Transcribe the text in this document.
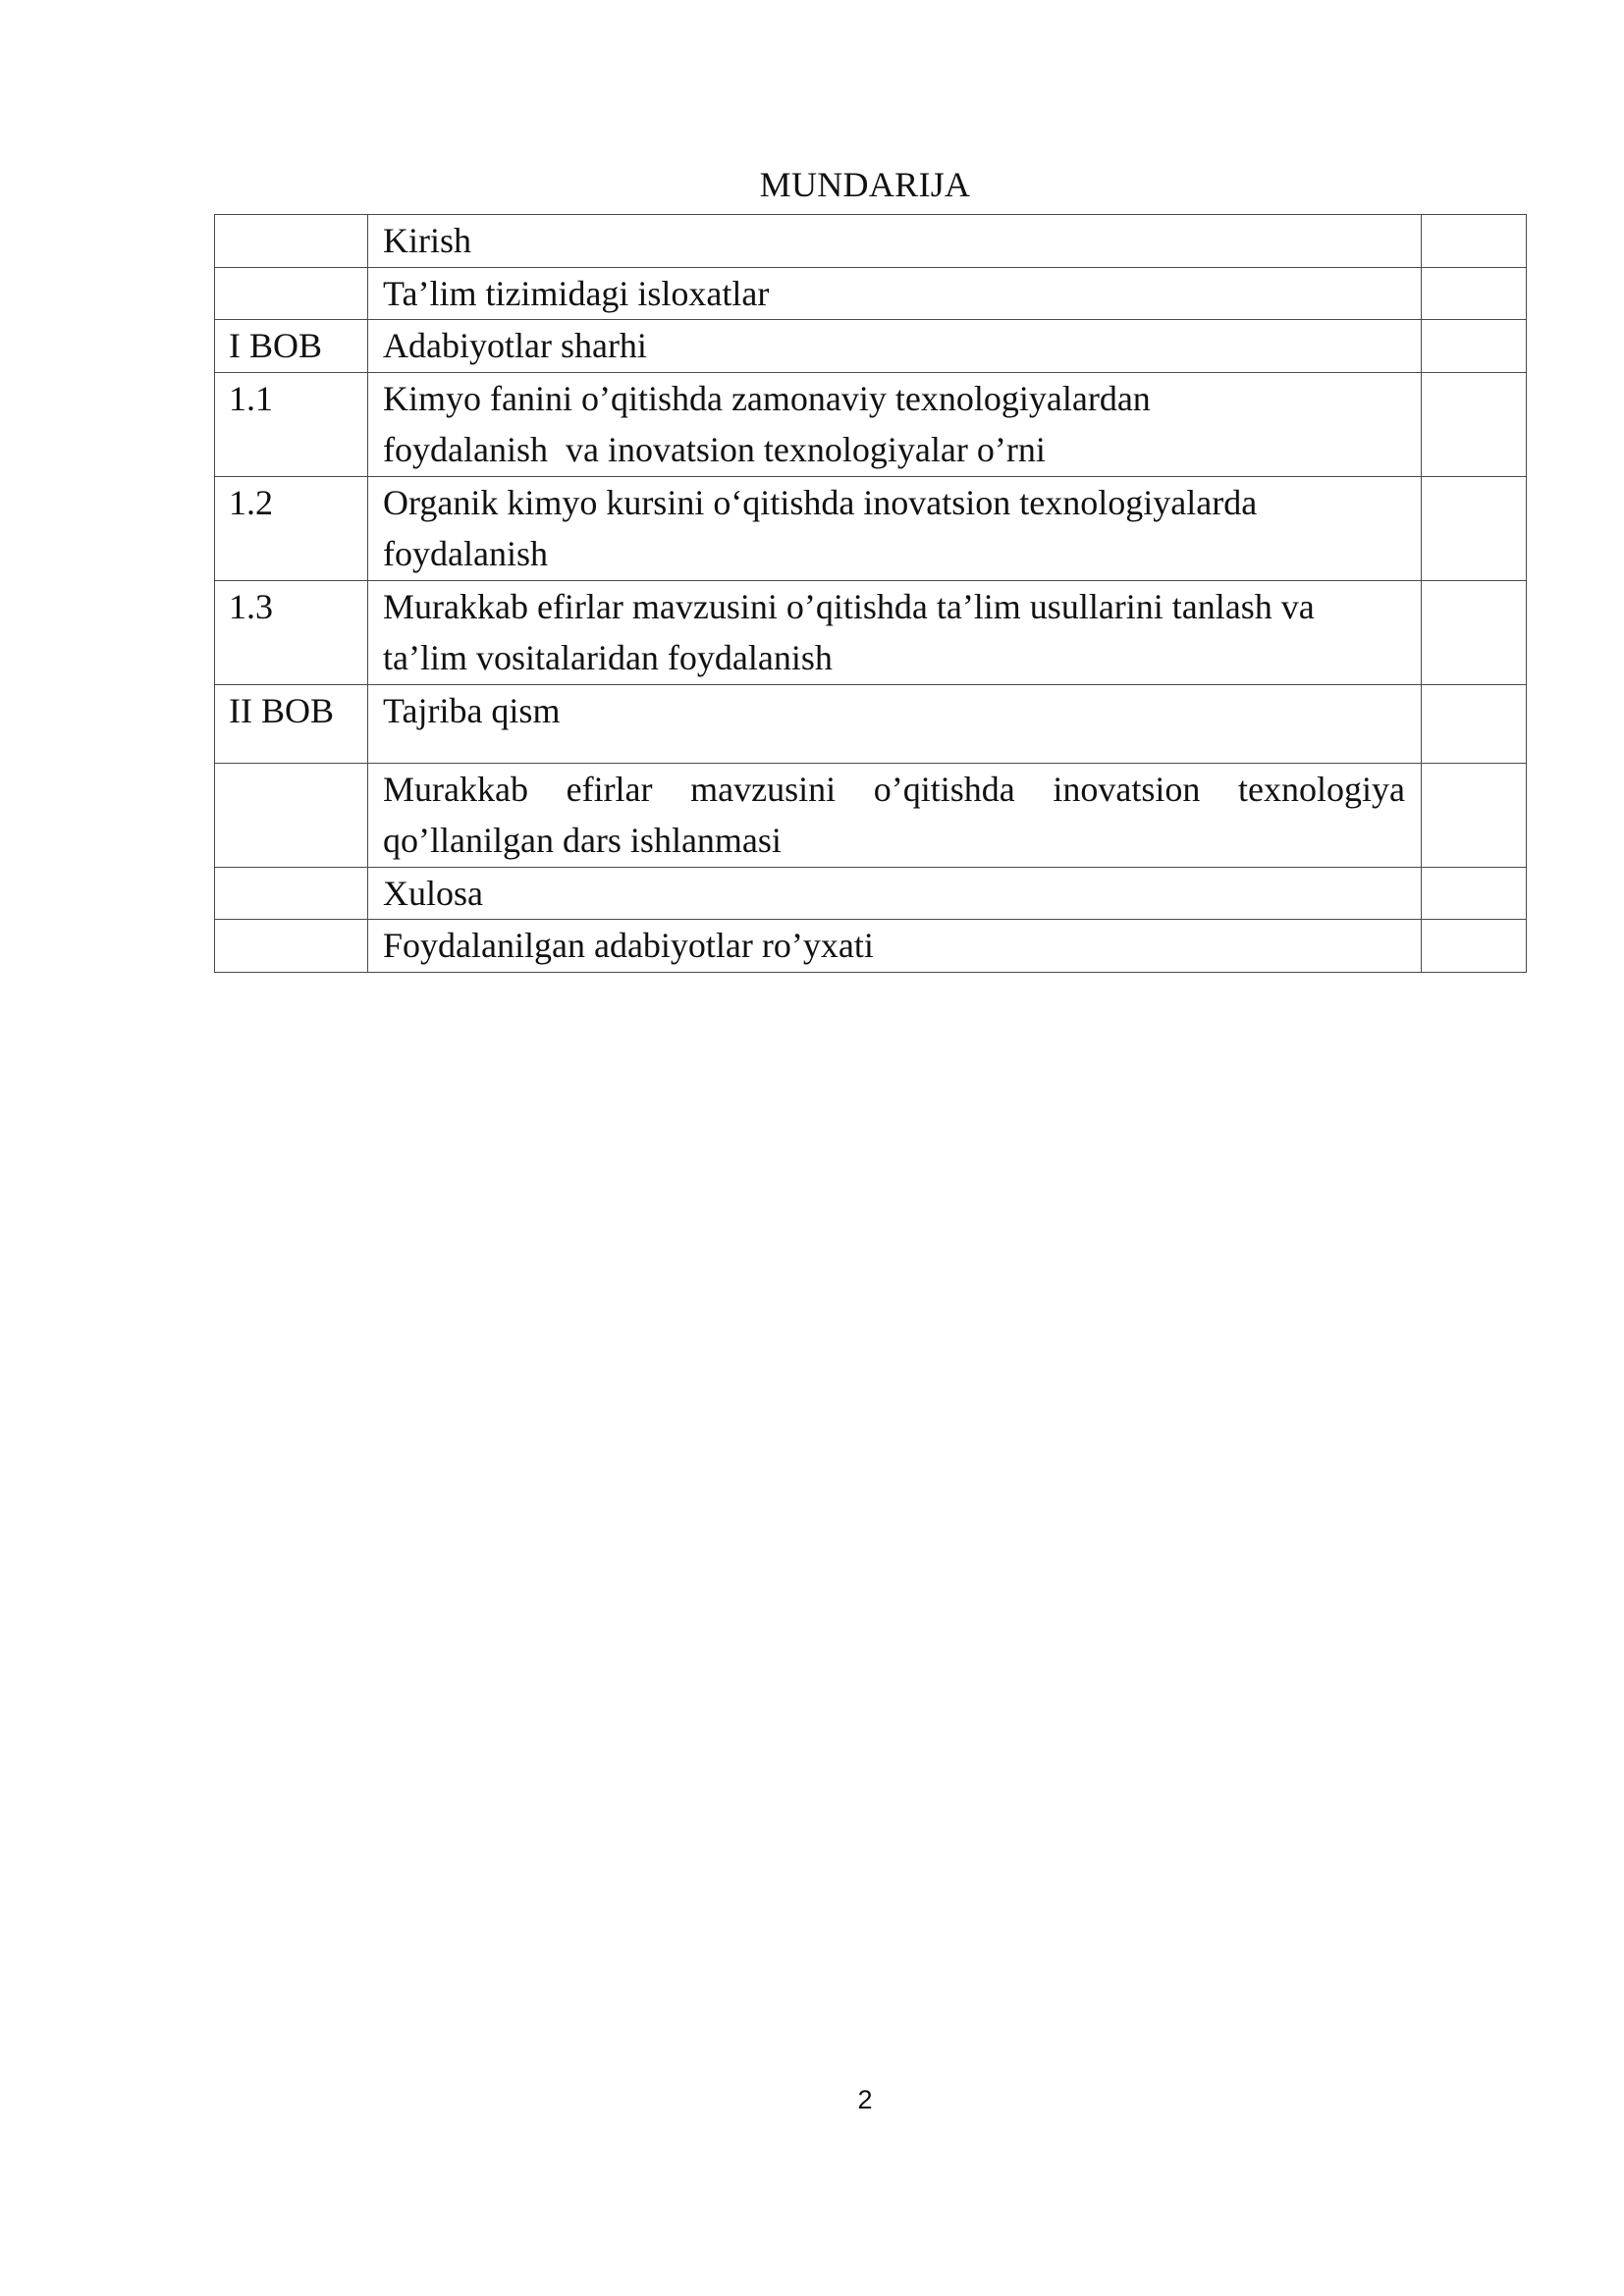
MUNDARIJA
	Kirish	
	Ta’lim tizimidagi isloxatlar	
I BOB	Adabiyotlar sharhi	
1.1	Kimyo fanini o’qitishda zamonaviy texnologiyalardan
foydalanish  va inovatsion texnologiyalar o’rni	

1.2	Organik kimyo kursini o‘qitishda inovatsion texnologiyalarda
foydalanish	

1.3	Murakkab efirlar mavzusini o’qitishda ta’lim usullarini tanlash va
ta’lim vositalaridan foydalanish	

II BOB	Tajriba qism	

	Murakkab efirlar mavzusini o’qitishda inovatsion texnologiya
qo’llanilgan dars ishlanmasi	

	Xulosa	
	Foydalanilgan adabiyotlar ro’yxati	
2
